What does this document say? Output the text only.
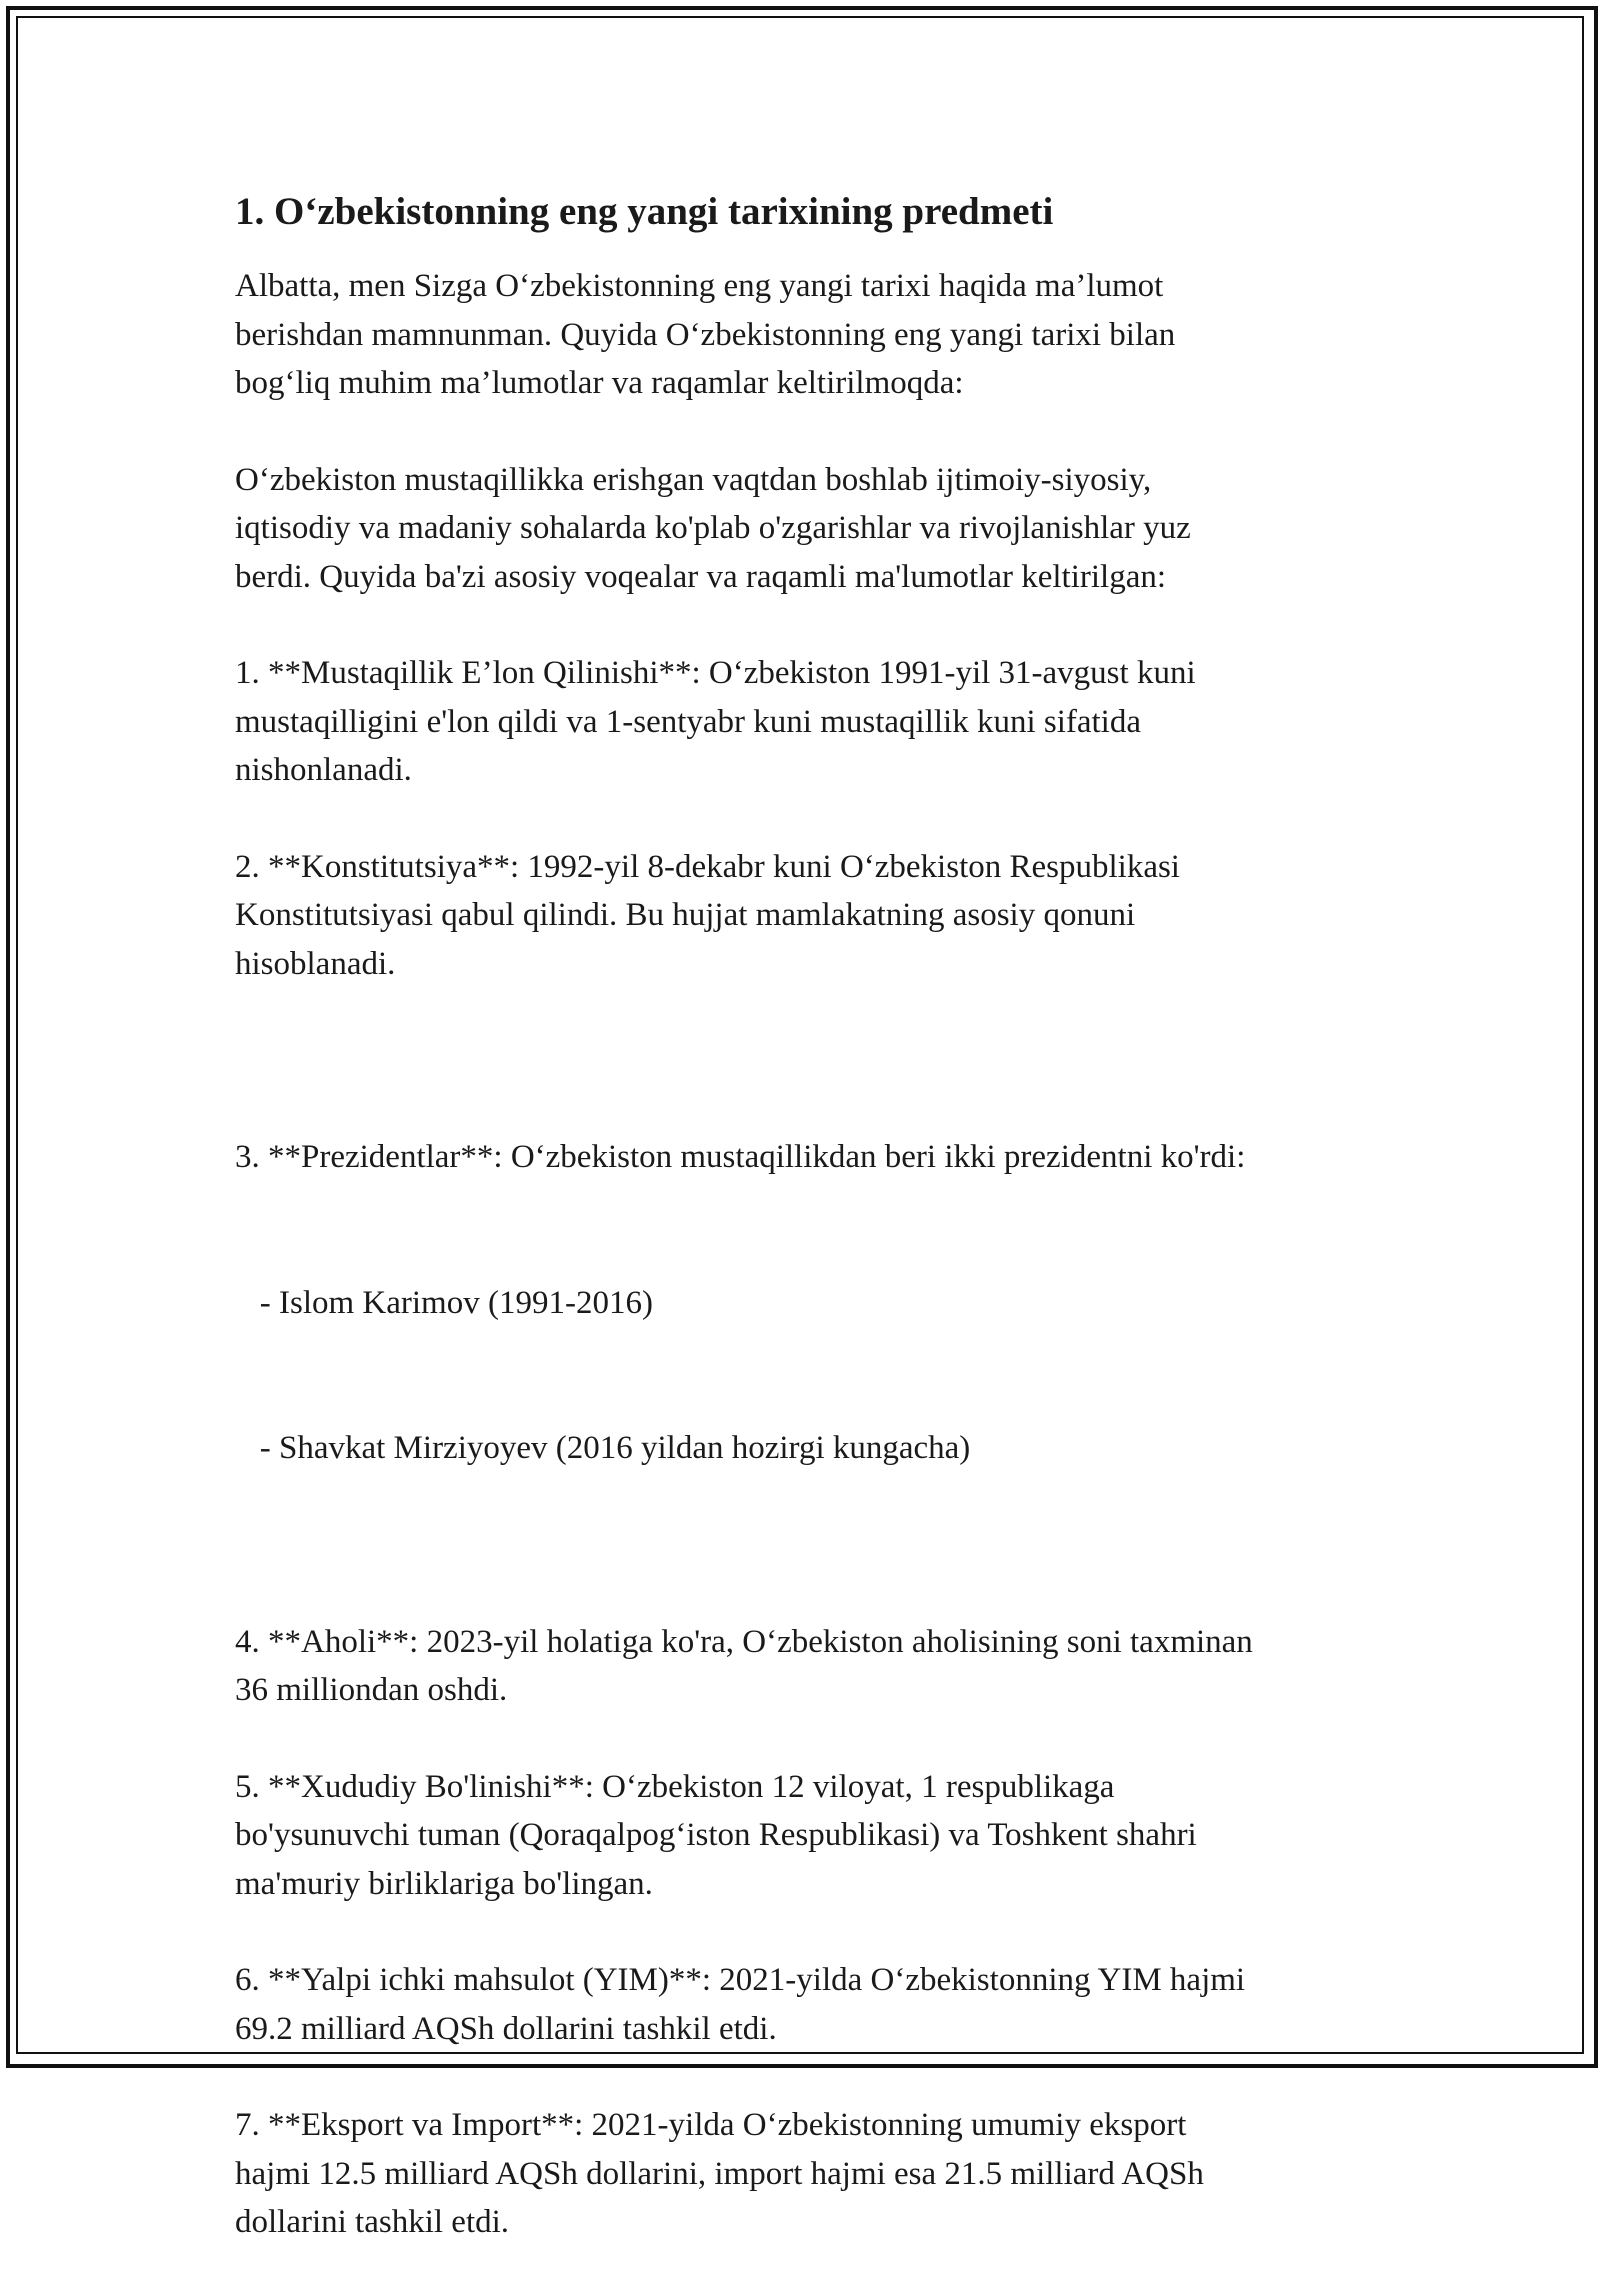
1. O‘zbekistonning eng yangi tarixining predmeti

Albatta, men Sizga O‘zbekistonning eng yangi tarixi haqida ma’lumot
berishdan mamnunman. Quyida O‘zbekistonning eng yangi tarixi bilan
bog‘liq muhim ma’lumotlar va raqamlar keltirilmoqda:

O‘zbekiston mustaqillikka erishgan vaqtdan boshlab ijtimoiy-siyosiy,
iqtisodiy va madaniy sohalarda ko'plab o'zgarishlar va rivojlanishlar yuz
berdi. Quyida ba'zi asosiy voqealar va raqamli ma'lumotlar keltirilgan:

1. **Mustaqillik E’lon Qilinishi**: O‘zbekiston 1991-yil 31-avgust kuni
mustaqilligini e'lon qildi va 1-sentyabr kuni mustaqillik kuni sifatida
nishonlanadi.
2. **Konstitutsiya**: 1992-yil 8-dekabr kuni O‘zbekiston Respublikasi
Konstitutsiyasi qabul qilindi. Bu hujjat mamlakatning asosiy qonuni
hisoblanadi.

3. **Prezidentlar**: O‘zbekiston mustaqillikdan beri ikki prezidentni ko'rdi:

- Islom Karimov (1991-2016)

- Shavkat Mirziyoyev (2016 yildan hozirgi kungacha)

4. **Aholi**: 2023-yil holatiga ko'ra, O‘zbekiston aholisining soni taxminan
36 milliondan oshdi.
5. **Xududiy Bo'linishi**: O‘zbekiston 12 viloyat, 1 respublikaga
bo'ysunuvchi tuman (Qoraqalpog‘iston Respublikasi) va Toshkent shahri
ma'muriy birliklariga bo'lingan.
6. **Yalpi ichki mahsulot (YIM)**: 2021-yilda O‘zbekistonning YIM hajmi
69.2 milliard AQSh dollarini tashkil etdi.
7. **Eksport va Import**: 2021-yilda O‘zbekistonning umumiy eksport
hajmi 12.5 milliard AQSh dollarini, import hajmi esa 21.5 milliard AQSh
dollarini tashkil etdi.
